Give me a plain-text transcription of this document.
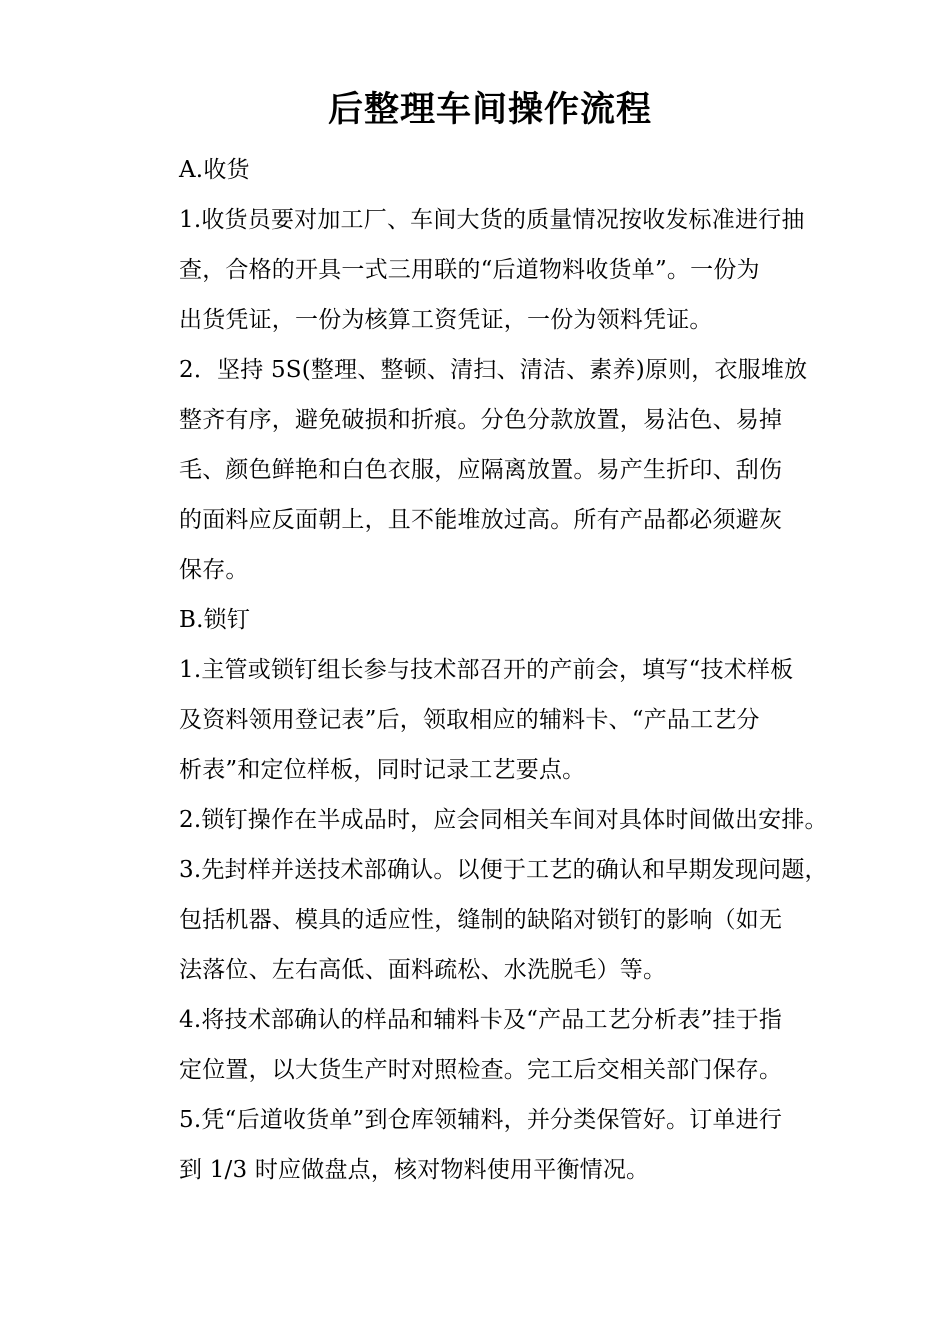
后整理车间操作流程
A.收货
1.收货员要对加工厂、车间大货的质量情况按收发标准进行抽
查，合格的开具一式三用联的“后道物料收货单”。一份为
出货凭证，一份为核算工资凭证，一份为领料凭证。
2．坚持 5S(整理、整顿、清扫、清洁、素养)原则，衣服堆放
整齐有序，避免破损和折痕。分色分款放置，易沾色、易掉
毛、颜色鲜艳和白色衣服，应隔离放置。易产生折印、刮伤
的面料应反面朝上，且不能堆放过高。所有产品都必须避灰
保存。
B.锁钉
1.主管或锁钉组长参与技术部召开的产前会，填写“技术样板
及资料领用登记表”后，领取相应的辅料卡、“产品工艺分
析表”和定位样板，同时记录工艺要点。
2.锁钉操作在半成品时，应会同相关车间对具体时间做出安排。
3.先封样并送技术部确认。以便于工艺的确认和早期发现问题，
包括机器、模具的适应性，缝制的缺陷对锁钉的影响（如无
法落位、左右高低、面料疏松、水洗脱毛）等。
4.将技术部确认的样品和辅料卡及“产品工艺分析表”挂于指
定位置，以大货生产时对照检查。完工后交相关部门保存。
5.凭“后道收货单”到仓库领辅料，并分类保管好。订单进行
到 1/3 时应做盘点，核对物料使用平衡情况。
